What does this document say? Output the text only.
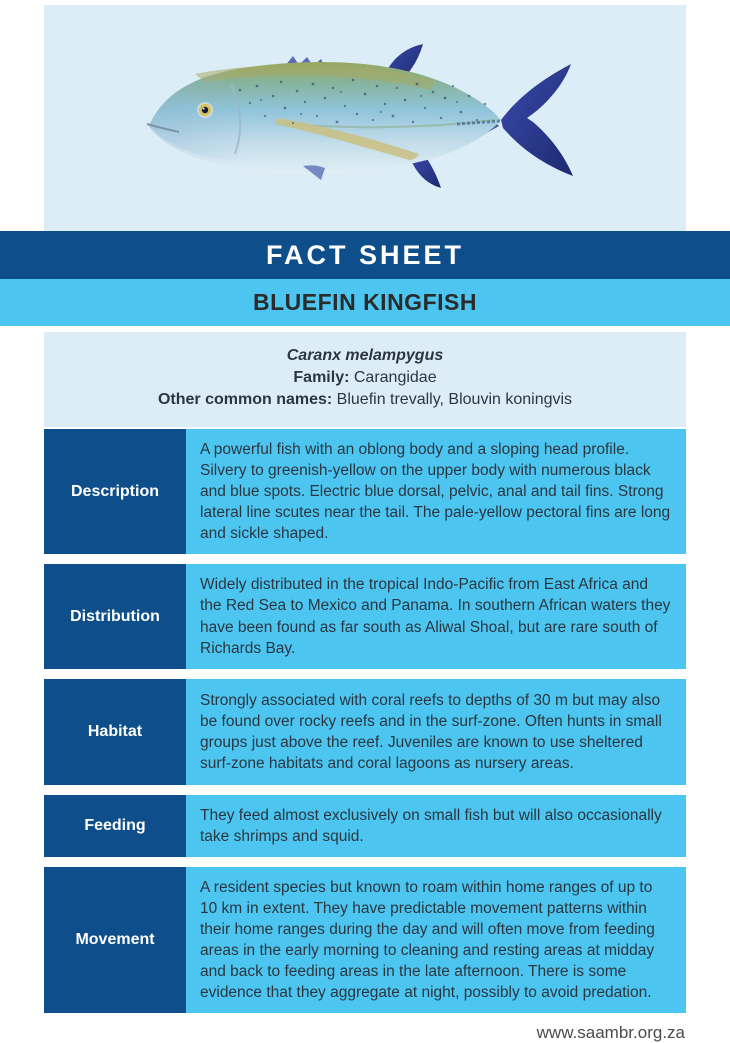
FACT SHEET
BLUEFIN KINGFISH
Caranx melampygus
Family: Carangidae
Other common names: Bluefin trevally, Blouvin koningvis
Description
A powerful fish with an oblong body and a sloping head profile. Silvery to greenish-yellow on the upper body with numerous black and blue spots. Electric blue dorsal, pelvic, anal and tail fins. Strong lateral line scutes near the tail. The pale-yellow pectoral fins are long and sickle shaped.
Distribution
Widely distributed in the tropical Indo-Pacific from East Africa and the Red Sea to Mexico and Panama. In southern African waters they have been found as far south as Aliwal Shoal, but are rare south of Richards Bay.
Habitat
Strongly associated with coral reefs to depths of 30 m but may also be found over rocky reefs and in the surf-zone. Often hunts in small groups just above the reef. Juveniles are known to use sheltered surf-zone habitats and coral lagoons as nursery areas.
Feeding
They feed almost exclusively on small fish but will also occasionally take shrimps and squid.
Movement
A resident species but known to roam within home ranges of up to 10 km in extent. They have predictable movement patterns within their home ranges during the day and will often move from feeding areas in the early morning to cleaning and resting areas at midday and back to feeding areas in the late afternoon. There is some evidence that they aggregate at night, possibly to avoid predation.
www.saambr.org.za
